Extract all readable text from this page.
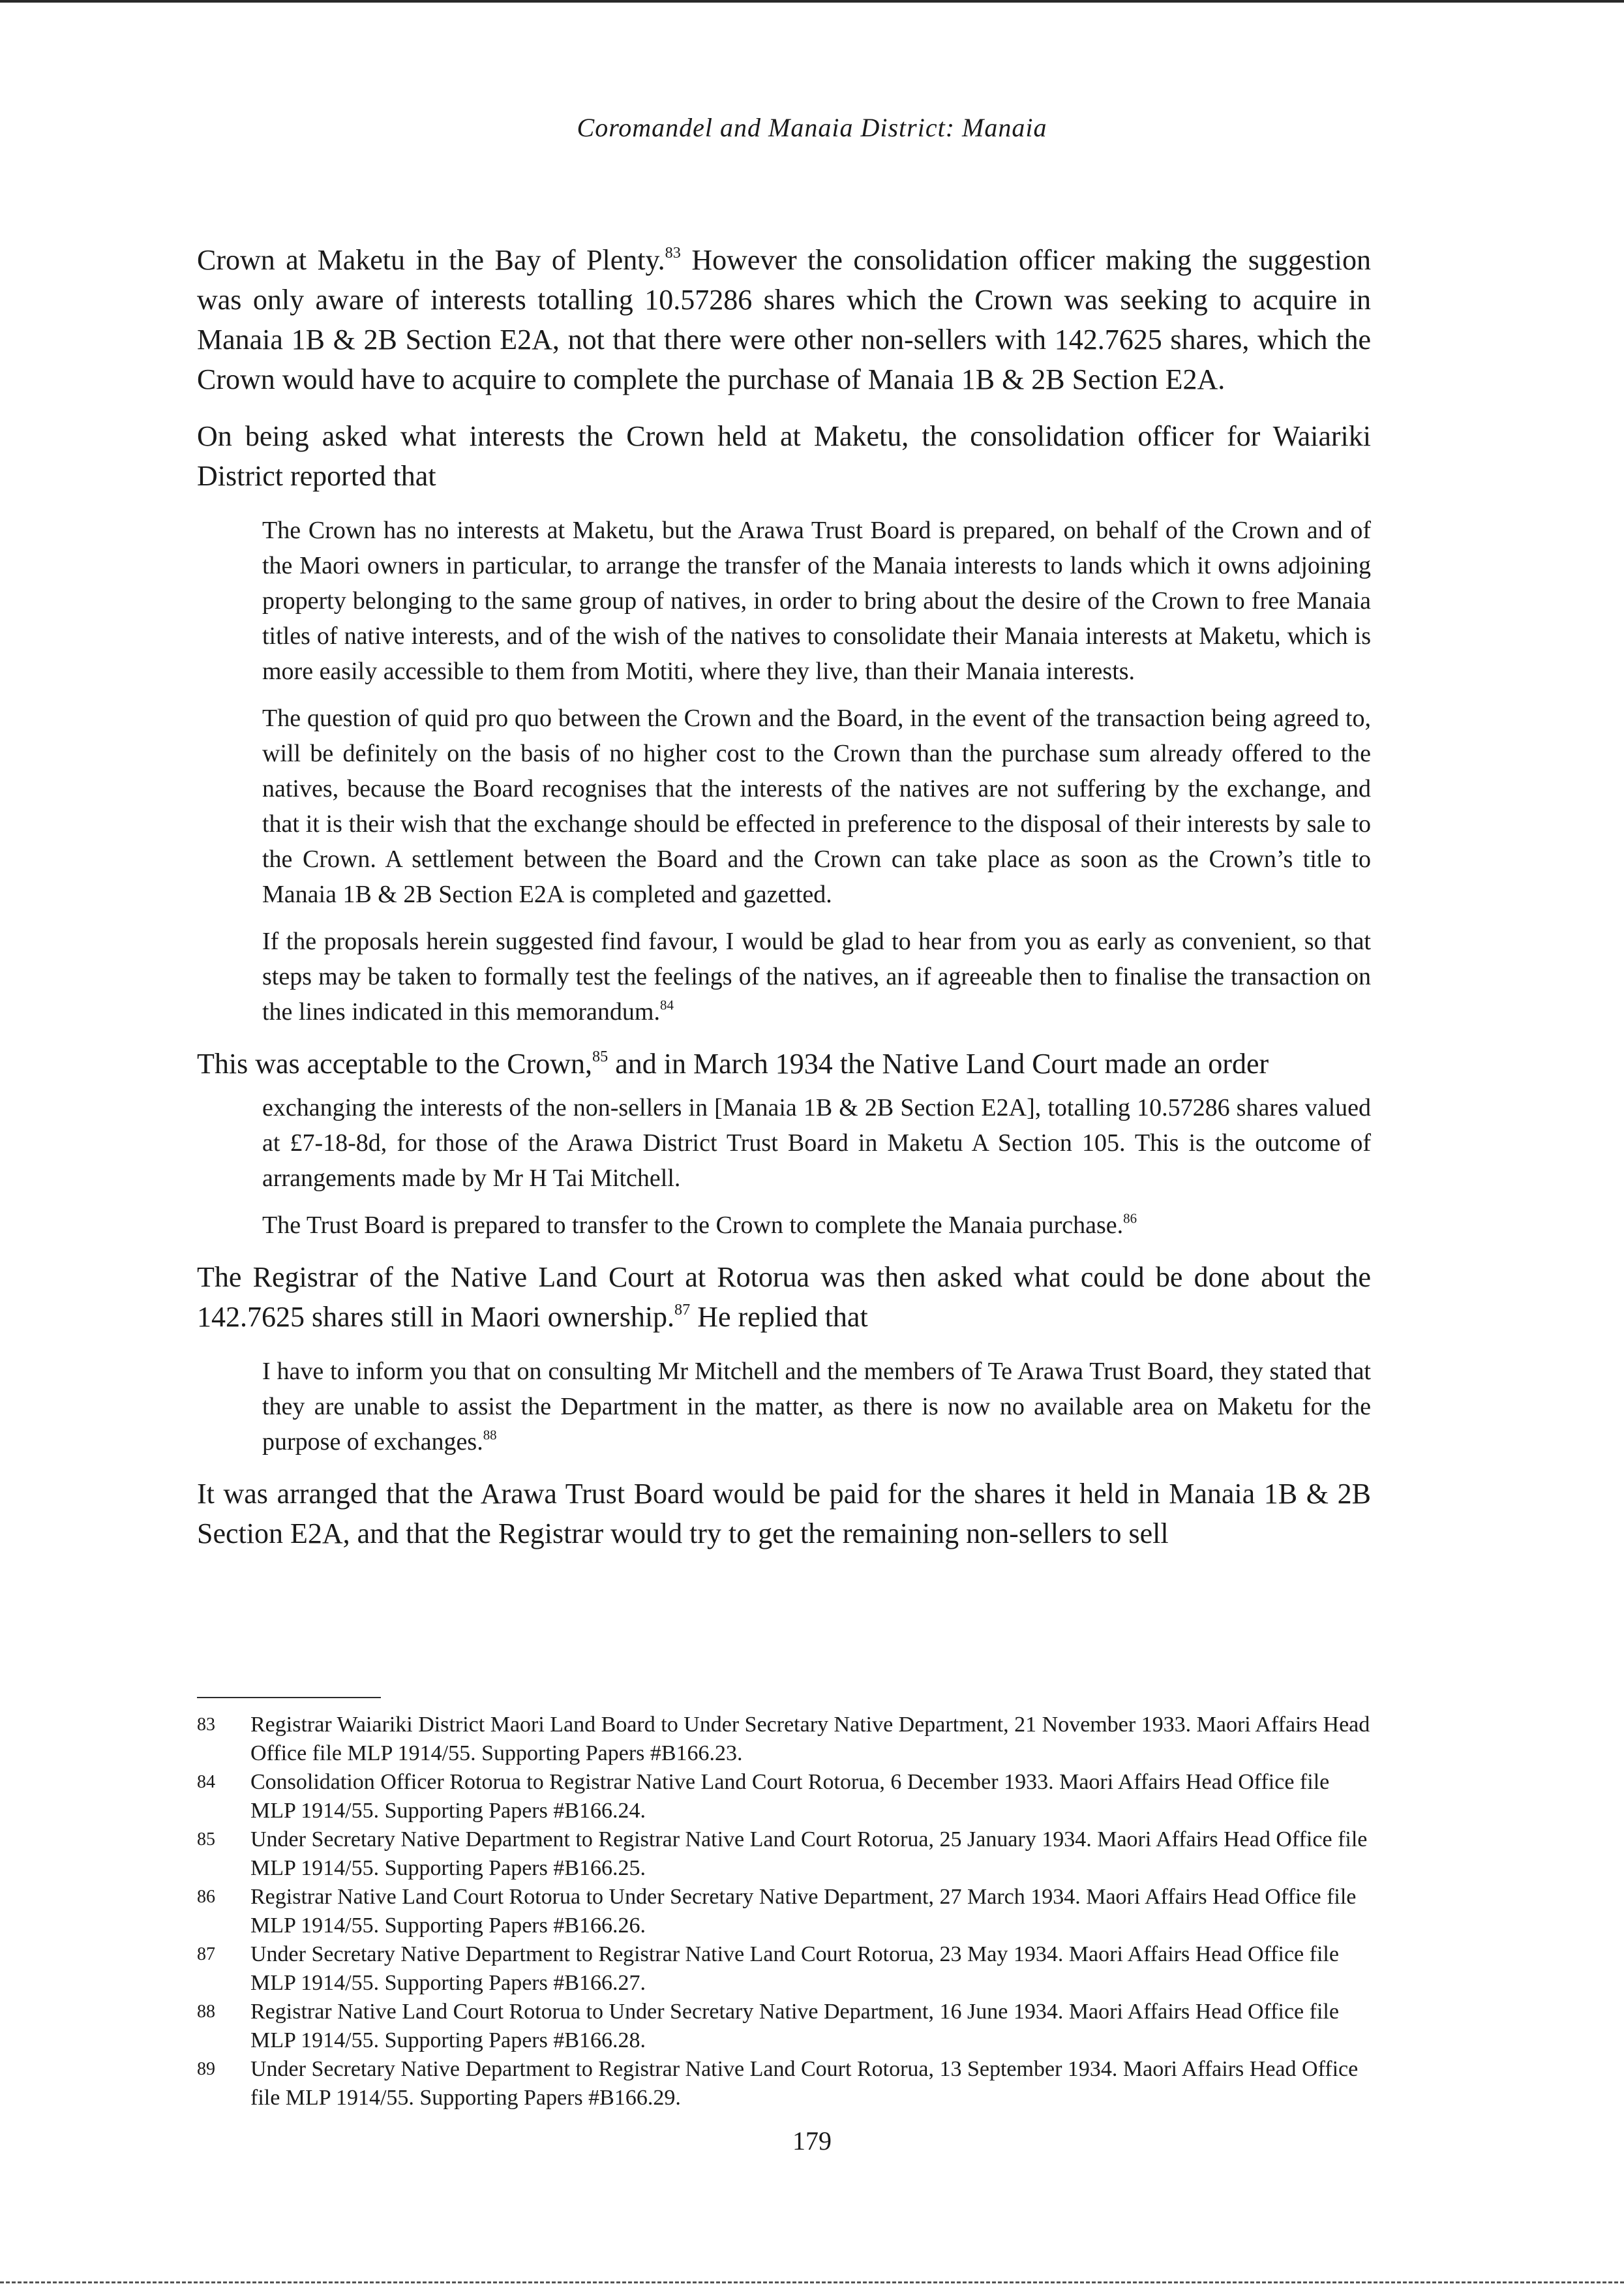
Coromandel and Manaia District: Manaia

Crown at Maketu in the Bay of Plenty.$^{83}$ However the consolidation officer making the suggestion was only aware of interests totalling 10.57286 shares which the Crown was seeking to acquire in Manaia 1B & 2B Section E2A, not that there were other non-sellers with 142.7625 shares, which the Crown would have to acquire to complete the purchase of Manaia 1B & 2B Section E2A.

On being asked what interests the Crown held at Maketu, the consolidation officer for Waiariki District reported that

The Crown has no interests at Maketu, but the Arawa Trust Board is prepared, on behalf of the Crown and of the Maori owners in particular, to arrange the transfer of the Manaia interests to lands which it owns adjoining property belonging to the same group of natives, in order to bring about the desire of the Crown to free Manaia titles of native interests, and of the wish of the natives to consolidate their Manaia interests at Maketu, which is more easily accessible to them from Motiti, where they live, than their Manaia interests.

The question of quid pro quo between the Crown and the Board, in the event of the transaction being agreed to, will be definitely on the basis of no higher cost to the Crown than the purchase sum already offered to the natives, because the Board recognises that the interests of the natives are not suffering by the exchange, and that it is their wish that the exchange should be effected in preference to the disposal of their interests by sale to the Crown. A settlement between the Board and the Crown can take place as soon as the Crown’s title to Manaia 1B & 2B Section E2A is completed and gazetted.

If the proposals herein suggested find favour, I would be glad to hear from you as early as convenient, so that steps may be taken to formally test the feelings of the natives, an if agreeable then to finalise the transaction on the lines indicated in this memorandum.$^{84}$

This was acceptable to the Crown,$^{85}$ and in March 1934 the Native Land Court made an order

exchanging the interests of the non-sellers in [Manaia 1B & 2B Section E2A], totalling 10.57286 shares valued at £7-18-8d, for those of the Arawa District Trust Board in Maketu A Section 105. This is the outcome of arrangements made by Mr H Tai Mitchell.

The Trust Board is prepared to transfer to the Crown to complete the Manaia purchase.$^{86}$

The Registrar of the Native Land Court at Rotorua was then asked what could be done about the 142.7625 shares still in Maori ownership.$^{87}$ He replied that

I have to inform you that on consulting Mr Mitchell and the members of Te Arawa Trust Board, they stated that they are unable to assist the Department in the matter, as there is now no available area on Maketu for the purpose of exchanges.$^{88}$

It was arranged that the Arawa Trust Board would be paid for the shares it held in Manaia 1B & 2B Section E2A, and that the Registrar would try to get the remaining non-sellers to sell

83	Registrar Waiariki District Maori Land Board to Under Secretary Native Department, 21 November 1933. Maori Affairs Head Office file MLP 1914/55. Supporting Papers #B166.23.
84	Consolidation Officer Rotorua to Registrar Native Land Court Rotorua, 6 December 1933. Maori Affairs Head Office file MLP 1914/55. Supporting Papers #B166.24.
85	Under Secretary Native Department to Registrar Native Land Court Rotorua, 25 January 1934. Maori Affairs Head Office file MLP 1914/55. Supporting Papers #B166.25.
86	Registrar Native Land Court Rotorua to Under Secretary Native Department, 27 March 1934. Maori Affairs Head Office file MLP 1914/55. Supporting Papers #B166.26.
87	Under Secretary Native Department to Registrar Native Land Court Rotorua, 23 May 1934. Maori Affairs Head Office file MLP 1914/55. Supporting Papers #B166.27.
88	Registrar Native Land Court Rotorua to Under Secretary Native Department, 16 June 1934. Maori Affairs Head Office file MLP 1914/55. Supporting Papers #B166.28.
89	Under Secretary Native Department to Registrar Native Land Court Rotorua, 13 September 1934. Maori Affairs Head Office file MLP 1914/55. Supporting Papers #B166.29.
179
